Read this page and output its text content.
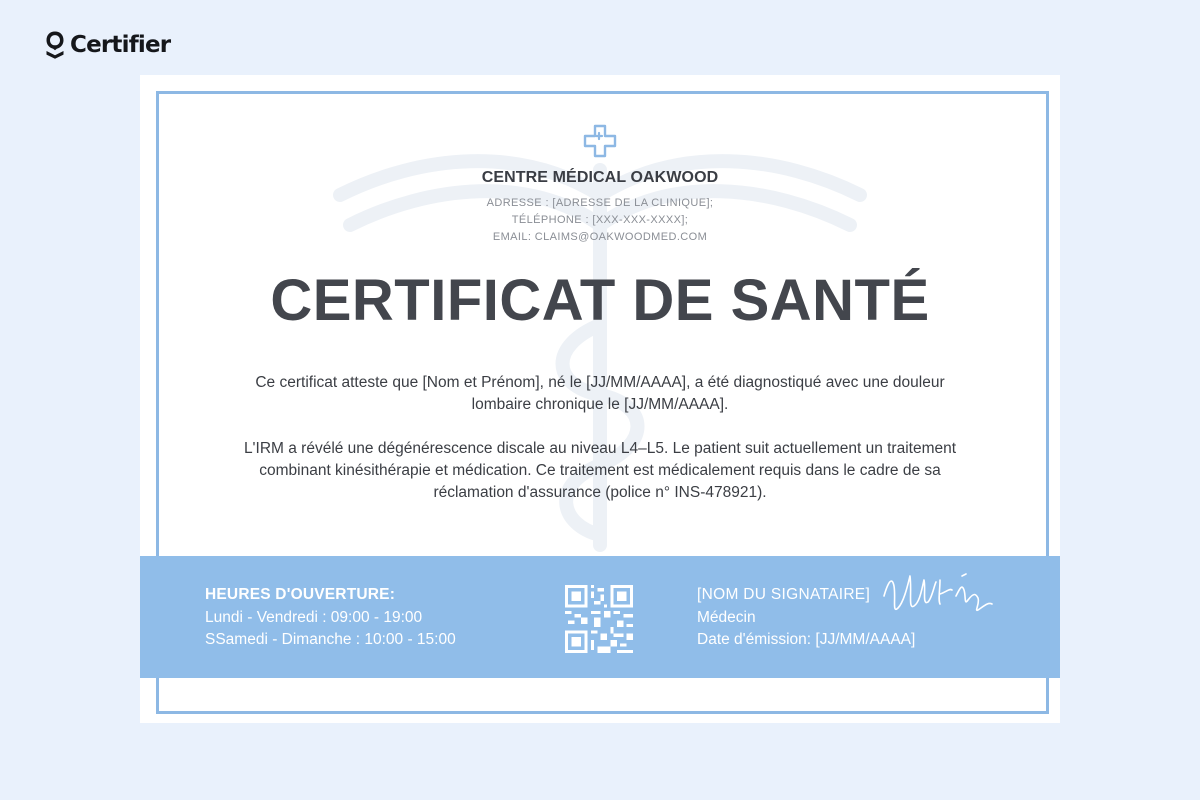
Certifier
CENTRE MÉDICAL OAKWOOD
ADRESSE : [ADRESSE DE LA CLINIQUE];
TÉLÉPHONE : [XXX-XXX-XXXX];
EMAIL: CLAIMS@OAKWOODMED.COM
CERTIFICAT DE SANTÉ
Ce certificat atteste que [Nom et Prénom], né le [JJ/MM/AAAA], a été diagnostiqué avec une douleur lombaire chronique le [JJ/MM/AAAA].
L'IRM a révélé une dégénérescence discale au niveau L4–L5. Le patient suit actuellement un traitement combinant kinésithérapie et médication. Ce traitement est médicalement requis dans le cadre de sa réclamation d'assurance (police n° INS-478921).
HEURES D'OUVERTURE:
Lundi - Vendredi : 09:00 - 19:00
SSamedi - Dimanche : 10:00 - 15:00
[NOM DU SIGNATAIRE]
Médecin
Date d'émission: [JJ/MM/AAAA]
